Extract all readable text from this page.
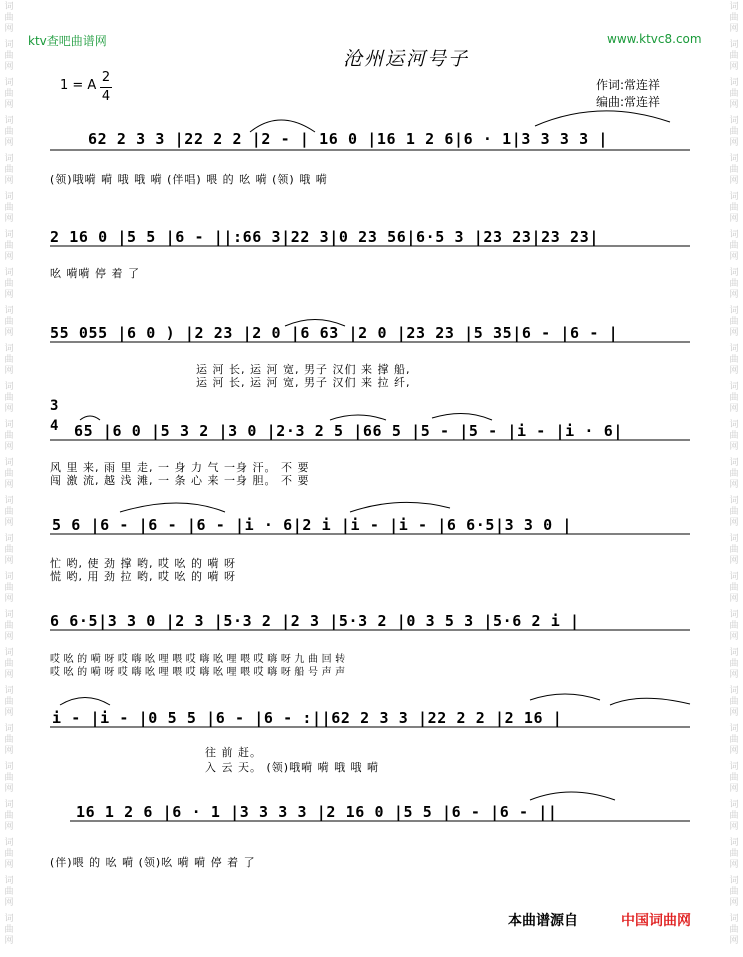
词
曲
网
词
曲
网
词
曲
网
词
曲
网
词
曲
网
词
曲
网
词
曲
网
词
曲
网
词
曲
网
词
曲
网
词
曲
网
词
曲
网
词
曲
网
词
曲
网
词
曲
网
词
曲
网
词
曲
网
词
曲
网
词
曲
网
词
曲
网
词
曲
网
词
曲
网
词
曲
网
词
曲
网
词
曲
网
词
曲
网
词
曲
网
词
曲
网
词
曲
网
词
曲
网
词
曲
网
词
曲
网
词
曲
网
词
曲
网
词
曲
网
词
曲
网
词
曲
网
词
曲
网
词
曲
网
词
曲
网
词
曲
网
词
曲
网
词
曲
网
词
曲
网
词
曲
网
词
曲
网
词
曲
网
词
曲
网
词
曲
网
词
曲
网
ktv查吧曲谱网	www.ktvc8.com
沧州运河号子
1 = A
2
4
作词:常连祥
编曲:常连祥
62 2 3 3 |22 2 2 |2 - | 16 0 |16 1 2 6|6 · 1|3 3 3 3 |
(领)哦嗬 嗬 哦 哦 嗬 (伴唱) 喂 的 吆 嗬 (领) 哦 嗬
2 16 0 |5 5 |6 - ||:66 3|22 3|0 23 56|6·5 3 |23 23|23 23|
吆 嗬嗬 停 着 了
55 055 |6 0 ) |2 23 |2 0 |6 63 |2 0 |23 23 |5 35|6 - |6 - |
运 河 长, 运 河 宽, 男子 汉们 来 撑 船,
运 河 长, 运 河 宽, 男子 汉们 来 拉 纤,
65 |6 0 |5 3 2 |3 0 |2·3 2 5 |66 5 |5 - |5 - |i - |i · 6|
3
4
风 里 来, 雨 里 走, 一 身 力 气 一身 汗。 不 要
闯 激 流, 越 浅 滩, 一 条 心 来 一身 胆。 不 要
5 6 |6 - |6 - |6 - |i · 6|2 i |i - |i - |6 6·5|3 3 0 |
忙 哟, 使 劲 撑 哟, 哎 吆 的 嗬 呀
慌 哟, 用 劲 拉 哟, 哎 吆 的 嗬 呀
6 6·5|3 3 0 |2 3 |5·3 2 |2 3 |5·3 2 |0 3 5 3 |5·6 2 i |
哎 吆 的 嗬 呀 哎 嗨 吆 哩 喂 哎 嗨 吆 哩 喂 哎 嗨 呀 九 曲 回 转
哎 吆 的 嗬 呀 哎 嗨 吆 哩 喂 哎 嗨 吆 哩 喂 哎 嗨 呀 船 号 声 声
i - |i - |0 5 5 |6 - |6 - :||62 2 3 3 |22 2 2 |2 16 |
往 前 赶。
入 云 天。 (领)哦嗬 嗬 哦 哦 嗬
16 1 2 6 |6 · 1 |3 3 3 3 |2 16 0 |5 5 |6 - |6 - ||
(伴)喂 的 吆 嗬 (领)吆 嗬 嗬 停 着 了
本曲谱源自	中国词曲网
